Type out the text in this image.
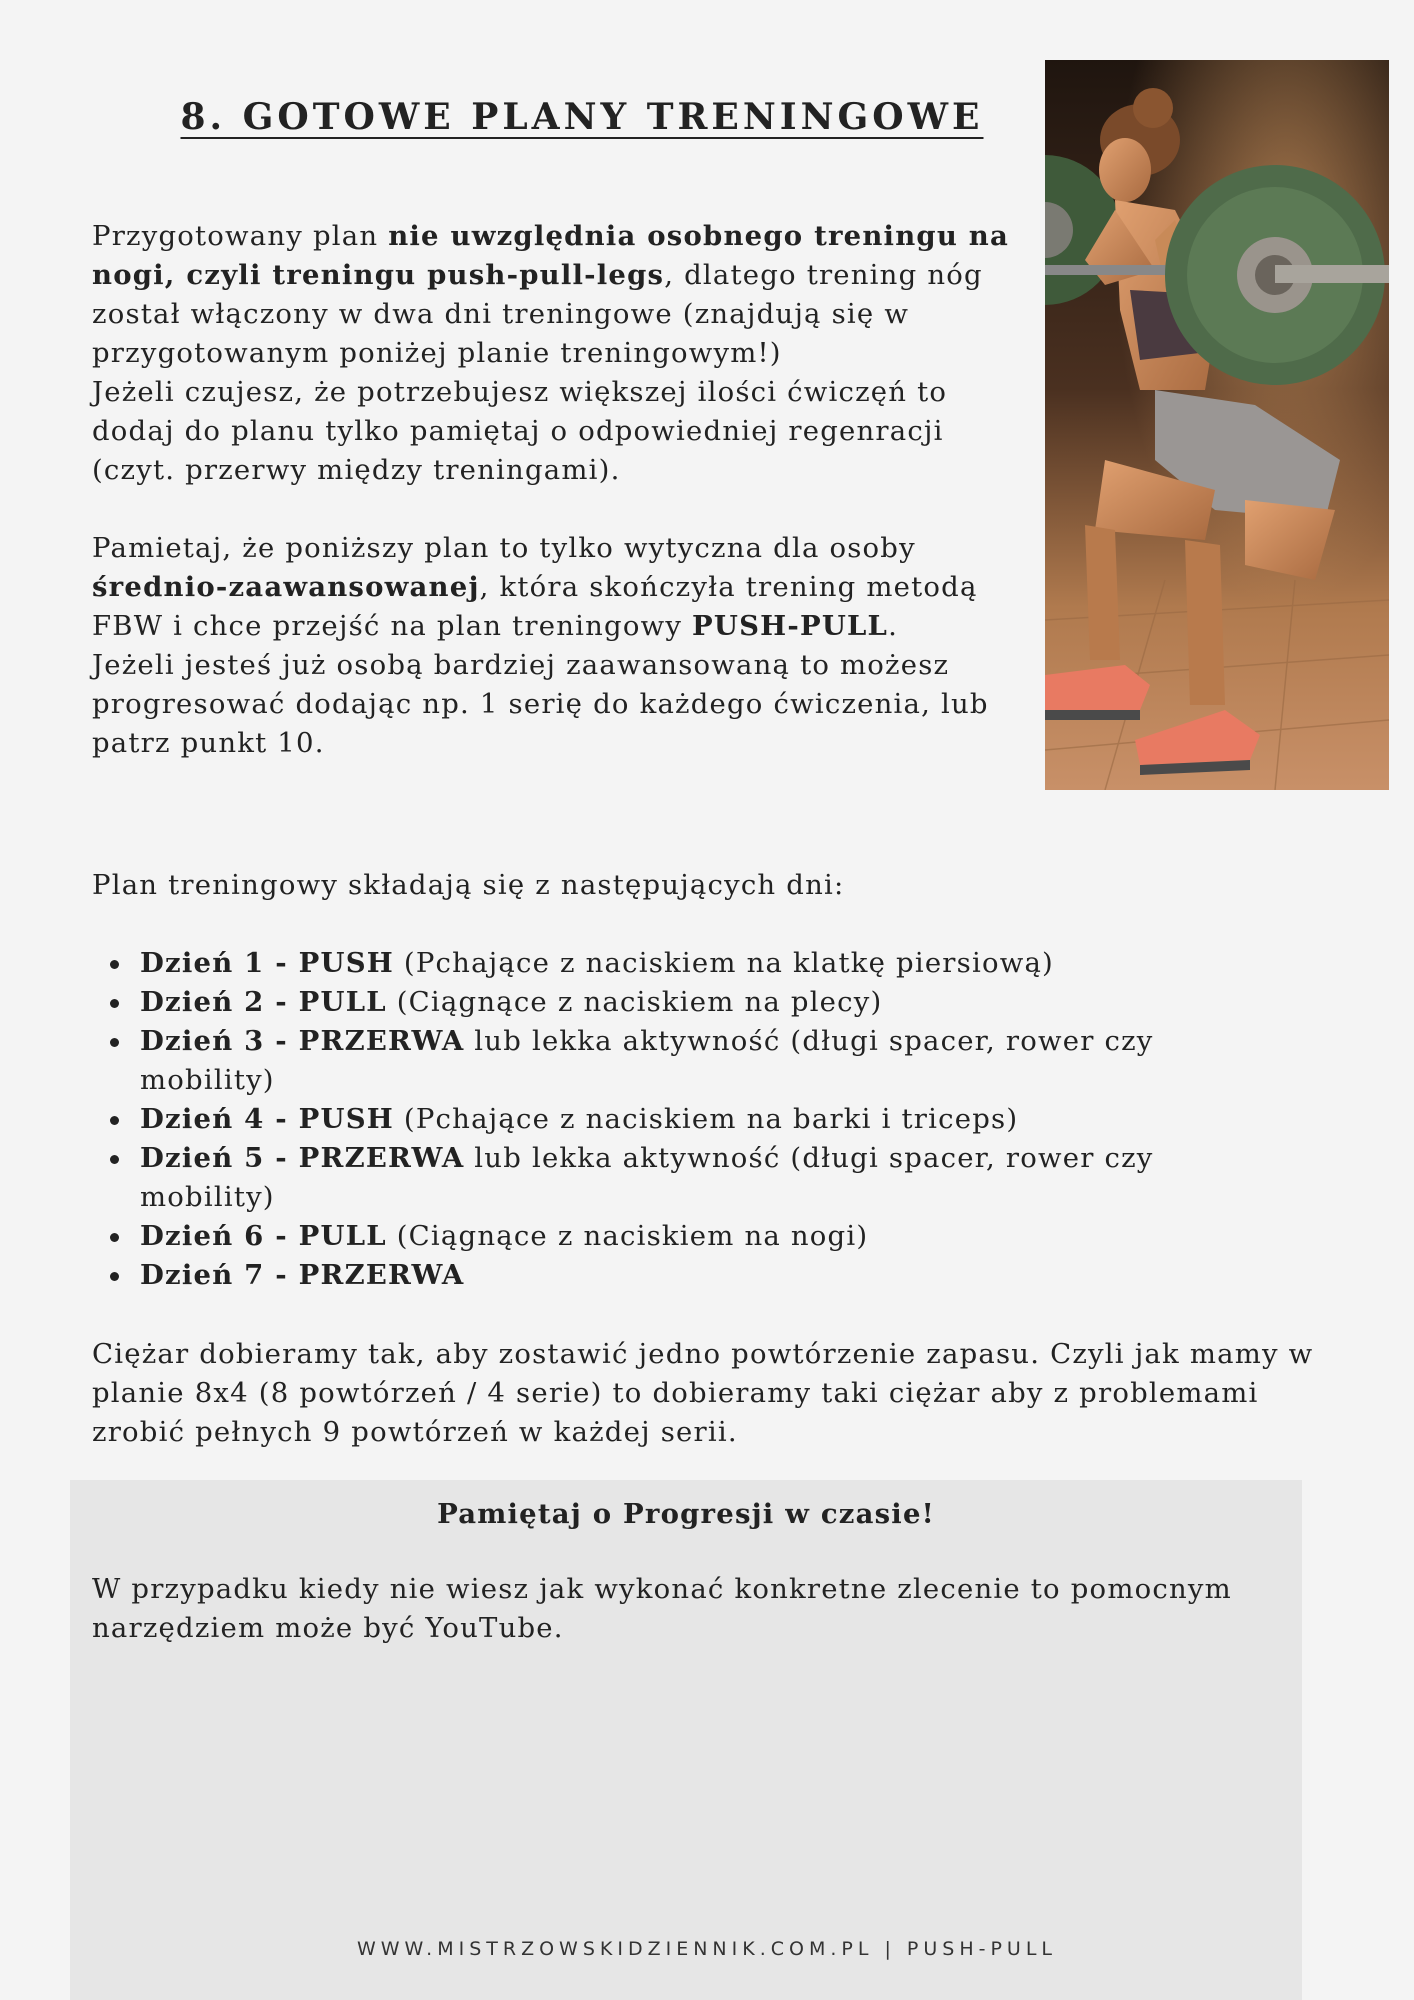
8. GOTOWE PLANY TRENINGOWE

Przygotowany plan nie uwzględnia osobnego treningu na nogi, czyli treningu push-pull-legs, dlatego trening nóg został włączony w dwa dni treningowe (znajdują się w przygotowanym poniżej planie treningowym!)

Jeżeli czujesz, że potrzebujesz większej ilości ćwiczęń to dodaj do planu tylko pamiętaj o odpowiedniej regenracji (czyt. przerwy między treningami).

Pamietaj, że poniższy plan to tylko wytyczna dla osoby średnio-zaawansowanej, która skończyła trening metodą FBW i chce przejść na plan treningowy PUSH-PULL.

Jeżeli jesteś już osobą bardziej zaawansowaną to możesz progresować dodając np. 1 serię do każdego ćwiczenia, lub patrz punkt 10.

Plan treningowy składają się z następujących dni:

Dzień 1 - PUSH (Pchające z naciskiem na klatkę piersiową)
Dzień 2 - PULL (Ciągnące z naciskiem na plecy)
Dzień 3 - PRZERWA lub lekka aktywność (długi spacer, rower czy mobility)
Dzień 4 - PUSH (Pchające z naciskiem na barki i triceps)
Dzień 5 - PRZERWA lub lekka aktywność (długi spacer, rower czy mobility)
Dzień 6 - PULL (Ciągnące z naciskiem na nogi)
Dzień 7 - PRZERWA

Ciężar dobieramy tak, aby zostawić jedno powtórzenie zapasu. Czyli jak mamy w planie 8x4 (8 powtórzeń / 4 serie) to dobieramy taki ciężar aby z problemami zrobić pełnych 9 powtórzeń w każdej serii.

Pamiętaj o Progresji w czasie!

W przypadku kiedy nie wiesz jak wykonać konkretne zlecenie to pomocnym narzędziem może być YouTube.

WWW.MISTRZOWSKIDZIENNIK.COM.PL | PUSH-PULL
